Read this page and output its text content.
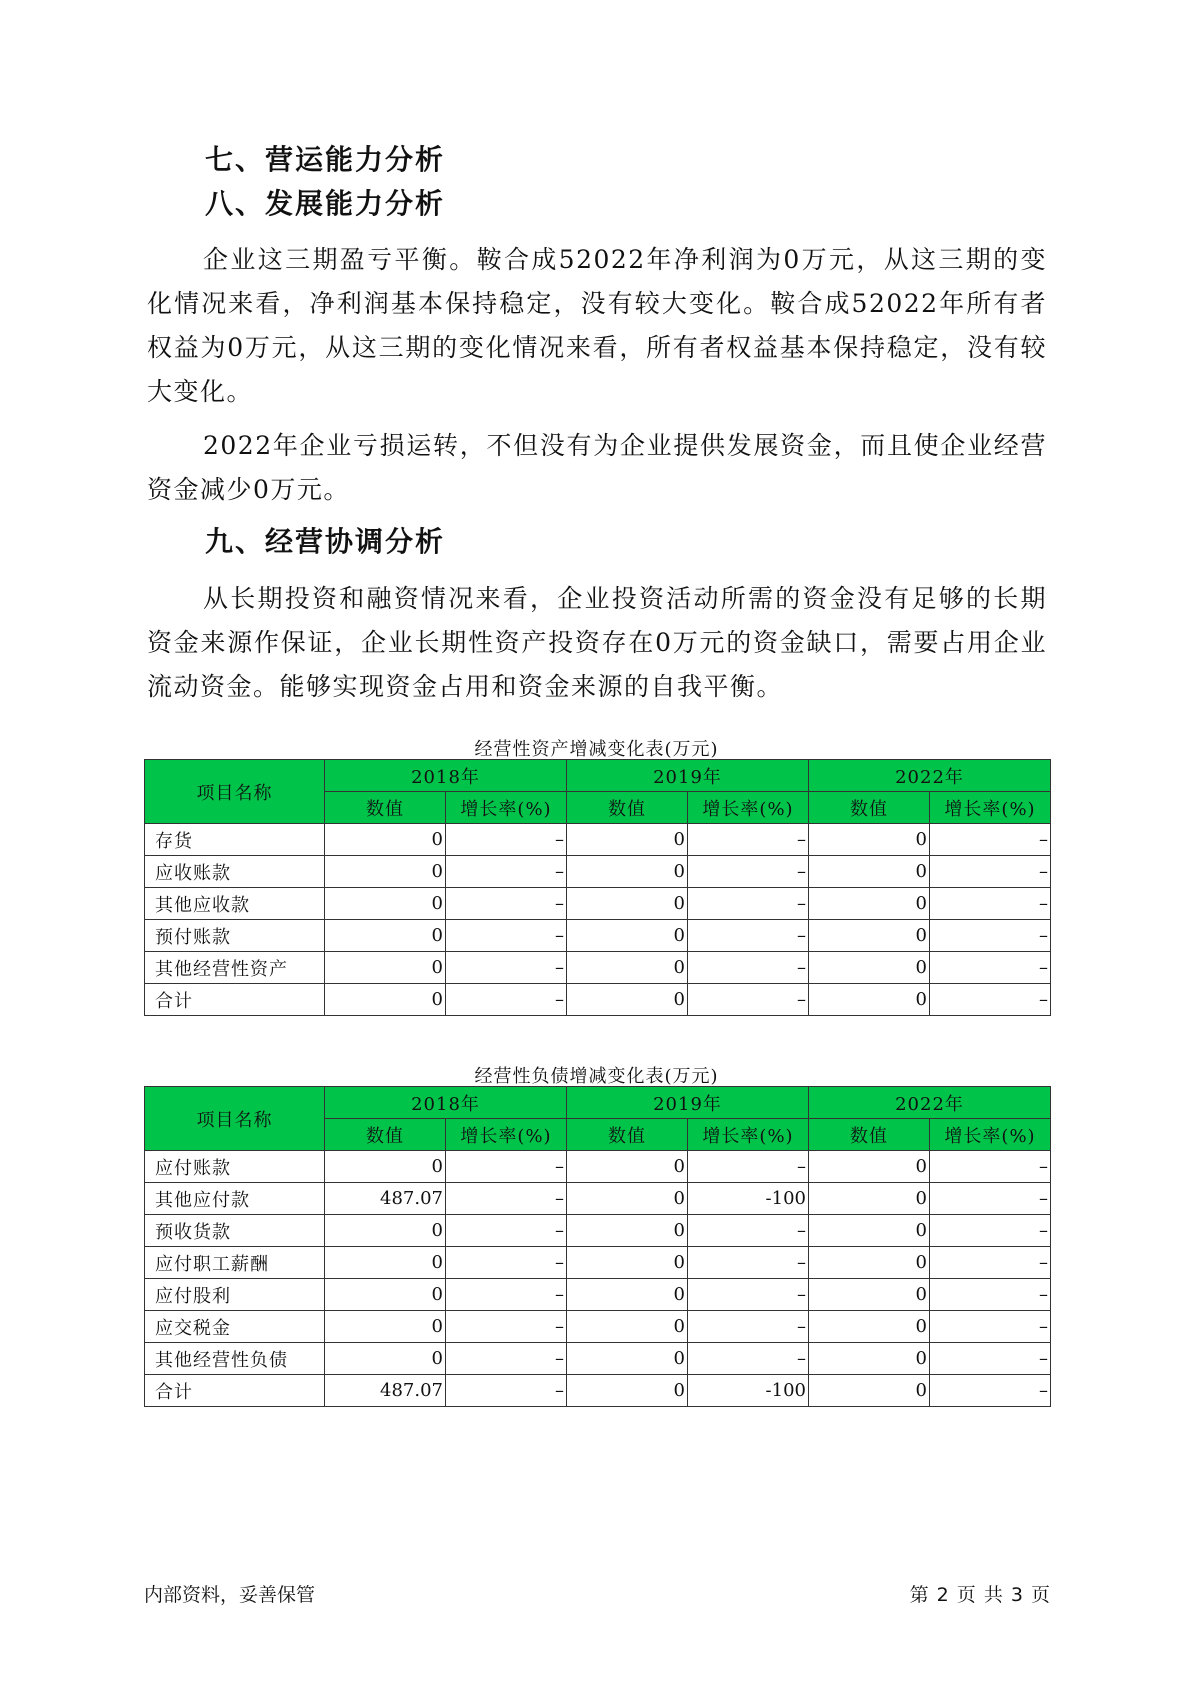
七、营运能力分析
八、发展能力分析

企业这三期盈亏平衡。鞍合成52022年净利润为0万元，从这三期的变化情况来看，净利润基本保持稳定，没有较大变化。鞍合成52022年所有者权益为0万元，从这三期的变化情况来看，所有者权益基本保持稳定，没有较大变化。

2022年企业亏损运转，不但没有为企业提供发展资金，而且使企业经营资金减少0万元。

九、经营协调分析

从长期投资和融资情况来看，企业投资活动所需的资金没有足够的长期资金来源作保证，企业长期性资产投资存在0万元的资金缺口，需要占用企业流动资金。能够实现资金占用和资金来源的自我平衡。

经营性资产增减变化表(万元)
项目名称	2018年		2019年		2022年	
	数值	增长率(%)	数值	增长率(%)	数值	增长率(%)
存货	0	–	0	–	0	–
应收账款	0	–	0	–	0	–
其他应收款	0	–	0	–	0	–
预付账款	0	–	0	–	0	–
其他经营性资产	0	–	0	–	0	–
合计	0	–	0	–	0	–
经营性负债增减变化表(万元)
项目名称	2018年		2019年		2022年	
	数值	增长率(%)	数值	增长率(%)	数值	增长率(%)
应付账款	0	–	0	–	0	–
其他应付款	487.07	–	0	-100	0	–
预收货款	0	–	0	–	0	–
应付职工薪酬	0	–	0	–	0	–
应付股利	0	–	0	–	0	–
应交税金	0	–	0	–	0	–
其他经营性负债	0	–	0	–	0	–
合计	487.07	–	0	-100	0	–
内部资料，妥善保管	第 2 页 共 3 页
